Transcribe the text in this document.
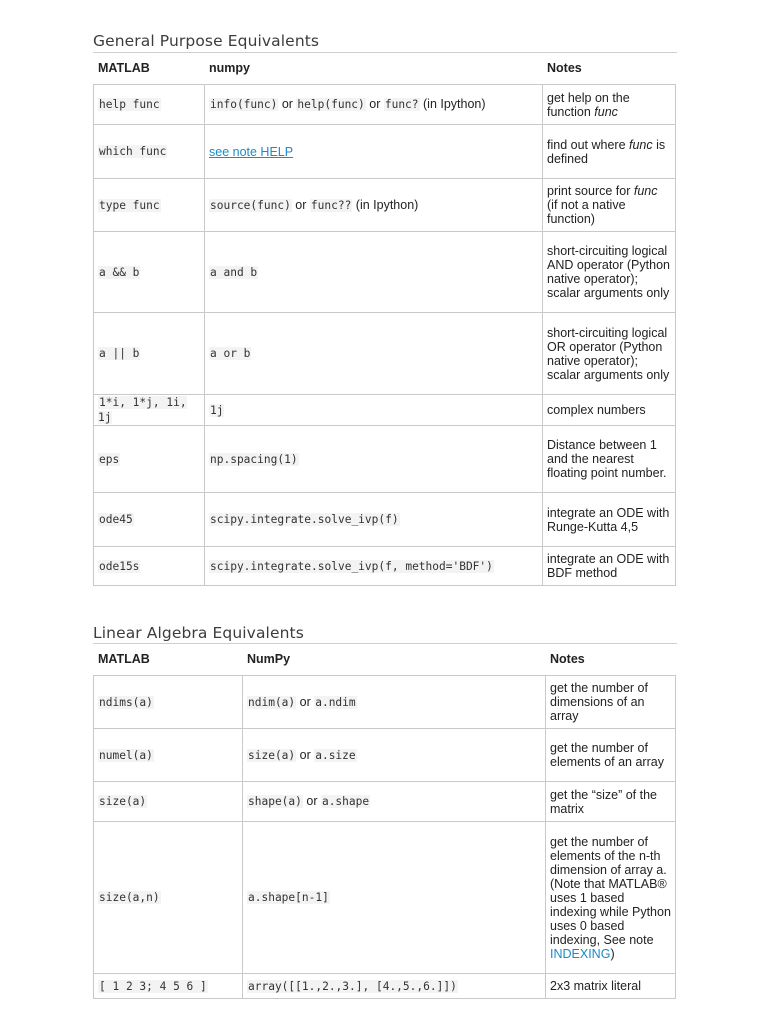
General Purpose Equivalents
MATLAB	numpy	Notes
help func	info(func) or help(func) or func? (in Ipython)	get help on the function func
which func	see note HELP	find out where func is defined
type func	source(func) or func?? (in Ipython)	print source for func (if not a native function)
a && b	a and b	short-circuiting logical AND operator (Python native operator); scalar arguments only
a || b	a or b	short-circuiting logical OR operator (Python native operator); scalar arguments only
1*i, 1*j, 1i, 1j	1j	complex numbers
eps	np.spacing(1)	Distance between 1 and the nearest floating point number.
ode45	scipy.integrate.solve_ivp(f)	integrate an ODE with Runge-Kutta 4,5
ode15s	scipy.integrate.solve_ivp(f, method='BDF')	integrate an ODE with BDF method
Linear Algebra Equivalents
MATLAB	NumPy	Notes
ndims(a)	ndim(a) or a.ndim	get the number of dimensions of an array
numel(a)	size(a) or a.size	get the number of elements of an array
size(a)	shape(a) or a.shape	get the “size” of the matrix
size(a,n)	a.shape[n-1]	get the number of elements of the n-th dimension of array a. (Note that MATLAB® uses 1 based indexing while Python uses 0 based indexing, See note INDEXING)
[ 1 2 3; 4 5 6 ]	array([[1.,2.,3.], [4.,5.,6.]])	2x3 matrix literal
